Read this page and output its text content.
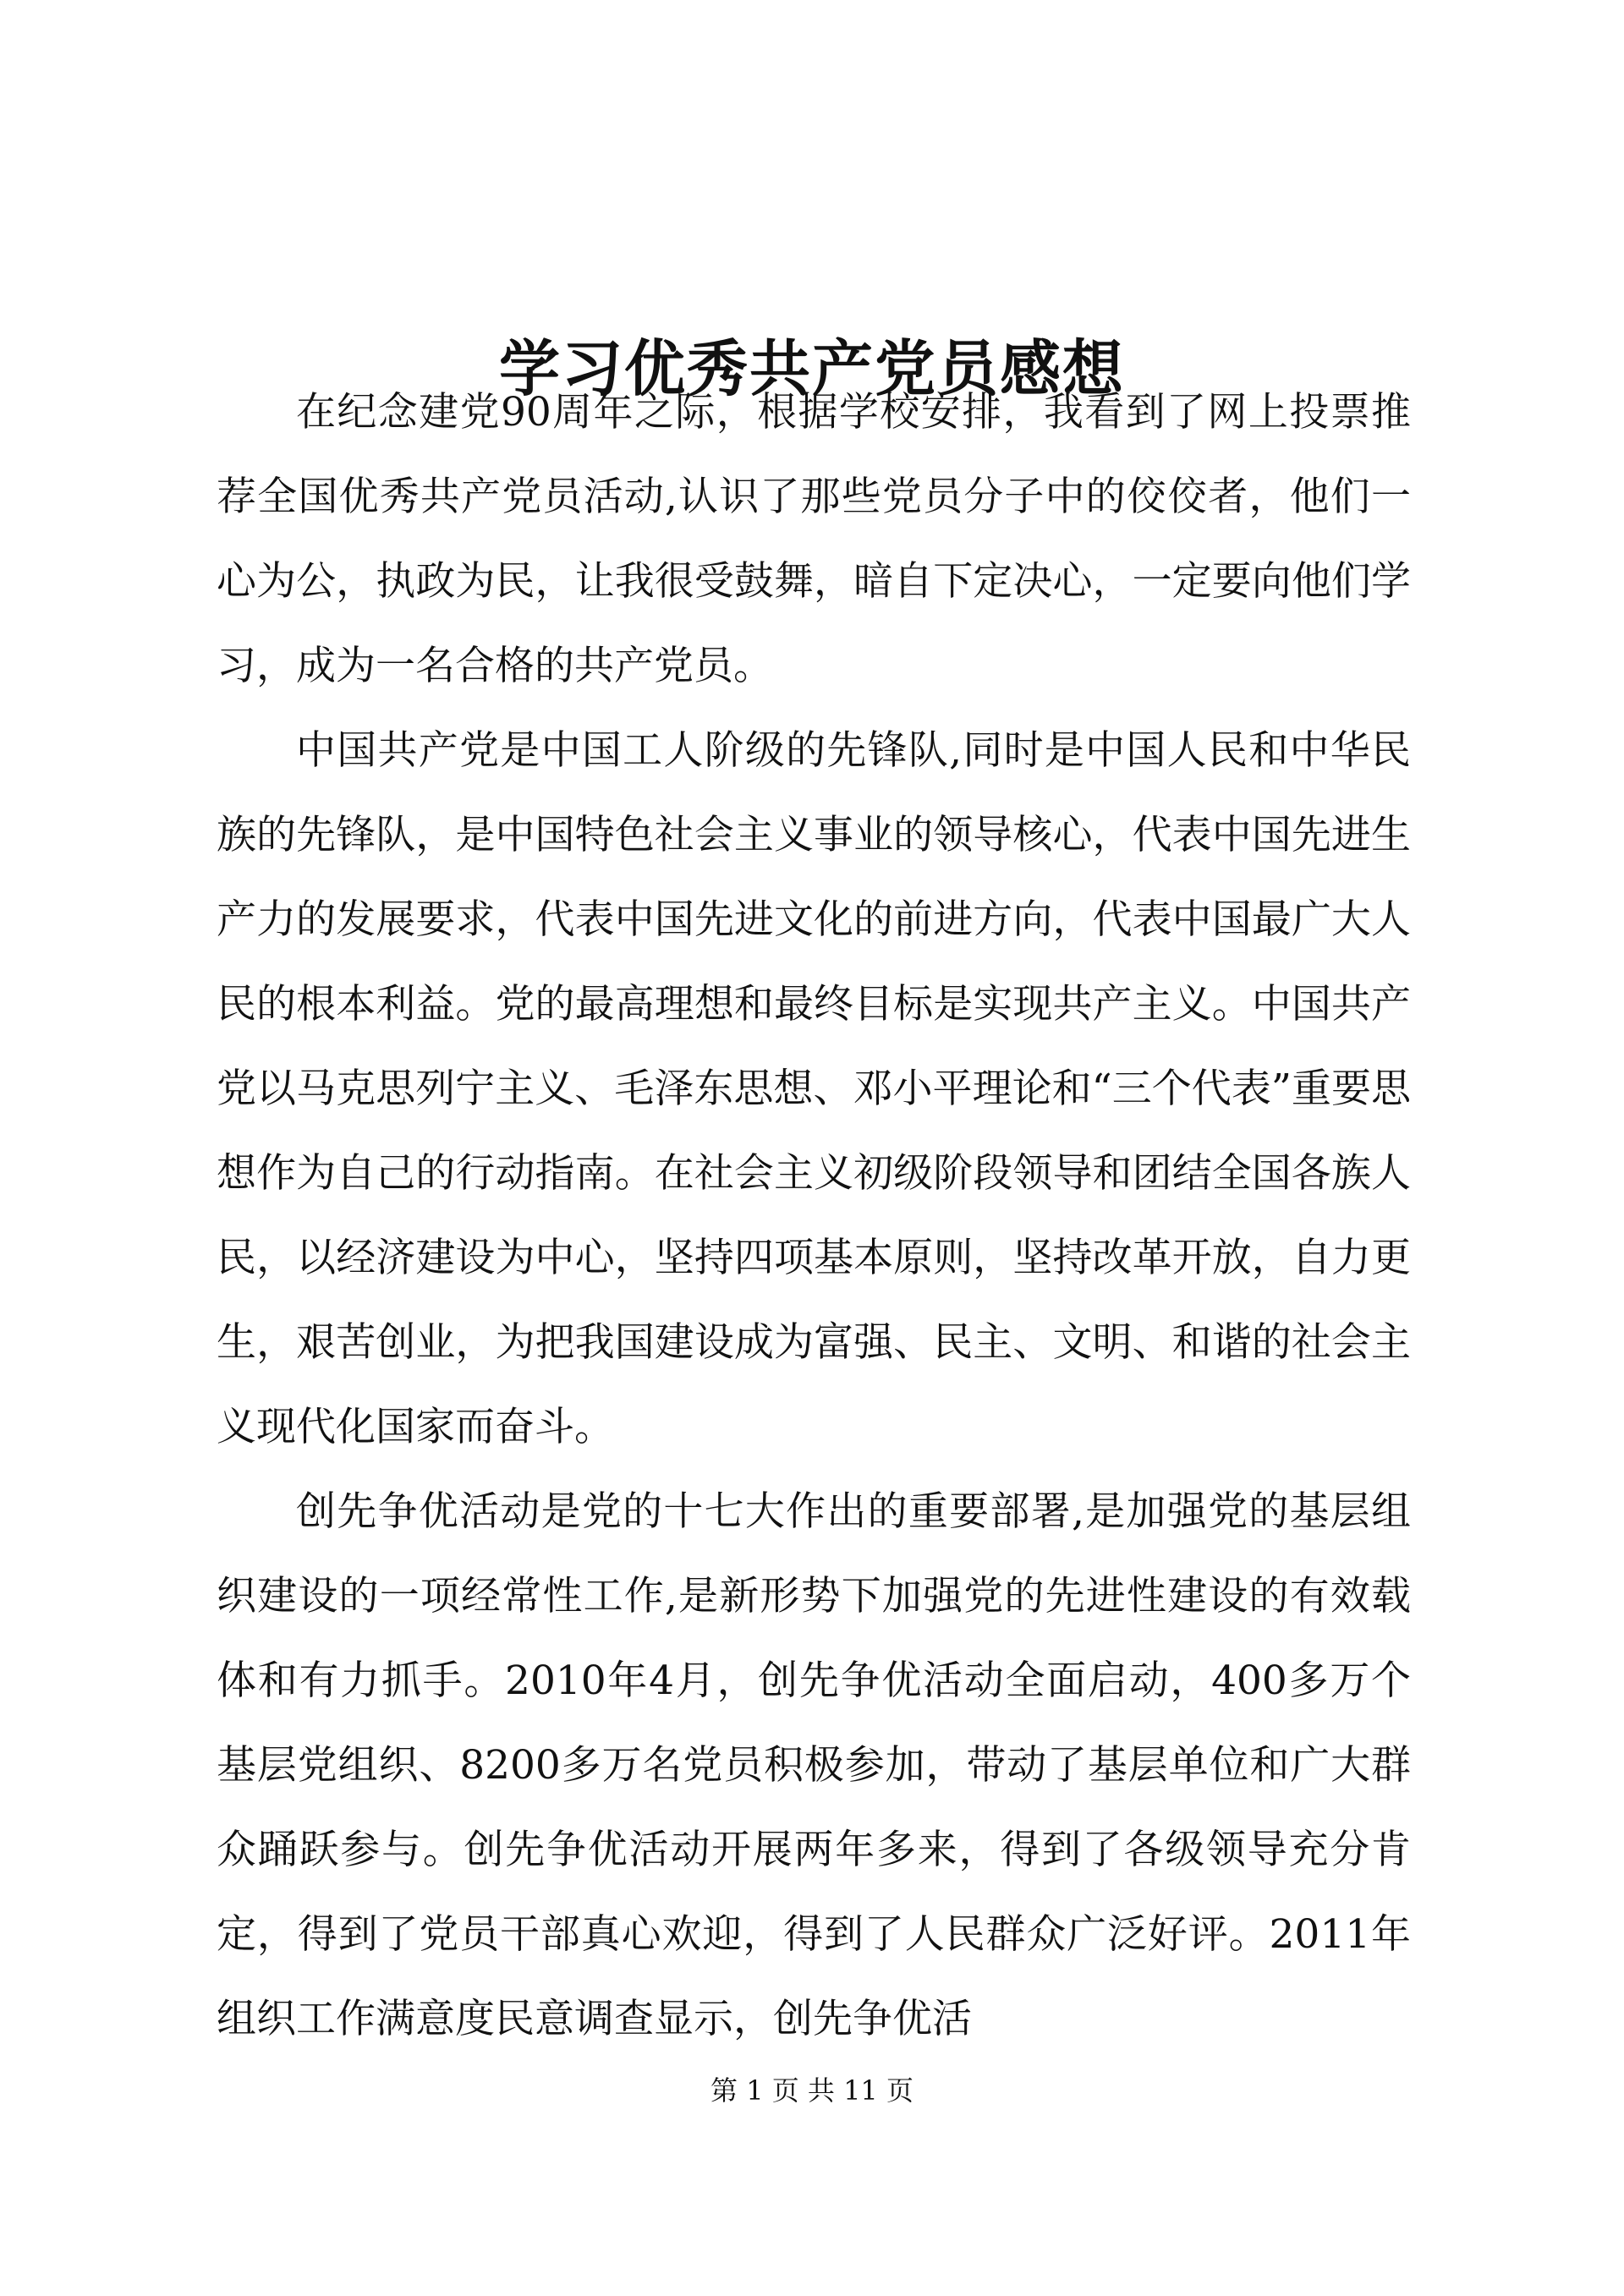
学习优秀共产党员感想

在纪念建党90周年之际，根据学校安排，我看到了网上投票推荐全国优秀共产党员活动,认识了那些党员分子中的佼佼者，他们一心为公，执政为民，让我很受鼓舞，暗自下定决心，一定要向他们学习，成为一名合格的共产党员。

中国共产党是中国工人阶级的先锋队,同时是中国人民和中华民族的先锋队，是中国特色社会主义事业的领导核心，代表中国先进生产力的发展要求，代表中国先进文化的前进方向，代表中国最广大人民的根本利益。党的最高理想和最终目标是实现共产主义。中国共产党以马克思列宁主义、毛泽东思想、邓小平理论和“三个代表”重要思想作为自己的行动指南。在社会主义初级阶段领导和团结全国各族人民，以经济建设为中心，坚持四项基本原则，坚持改革开放，自力更生，艰苦创业，为把我国建设成为富强、民主、文明、和谐的社会主义现代化国家而奋斗。

创先争优活动是党的十七大作出的重要部署,是加强党的基层组织建设的一项经常性工作,是新形势下加强党的先进性建设的有效载体和有力抓手。2010年4月，创先争优活动全面启动，400多万个基层党组织、8200多万名党员积极参加，带动了基层单位和广大群众踊跃参与。创先争优活动开展两年多来，得到了各级领导充分肯定，得到了党员干部真心欢迎，得到了人民群众广泛好评。2011年组织工作满意度民意调查显示，创先争优活

第 1 页 共 11 页
